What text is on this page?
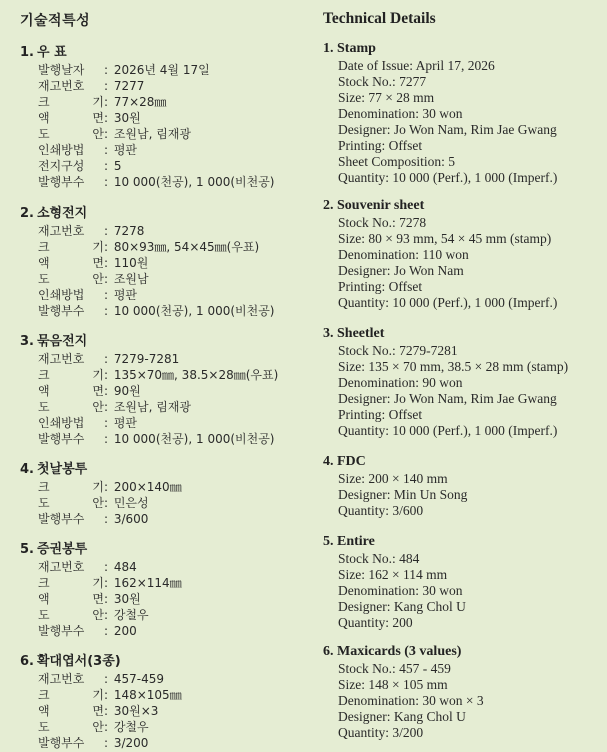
기술적특성
1. 우 표
발행날자 : 2026년 4월 17일
재고번호 : 7277
크 기: 77×28㎜
액 면: 30원
도 안: 조원남, 림재광
인쇄방법 : 평판
전지구성 : 5
발행부수 : 10 000(천공), 1 000(비천공)
2. 소형전지
재고번호 : 7278
크 기: 80×93㎜, 54×45㎜(우표)
액 면: 110원
도 안: 조원남
인쇄방법 : 평판
발행부수 : 10 000(천공), 1 000(비천공)
3. 묶음전지
재고번호 : 7279-7281
크 기: 135×70㎜, 38.5×28㎜(우표)
액 면: 90원
도 안: 조원남, 림재광
인쇄방법 : 평판
발행부수 : 10 000(천공), 1 000(비천공)
4. 첫날봉투
크 기: 200×140㎜
도 안: 민은성
발행부수 : 3/600
5. 증권봉투
재고번호 : 484
크 기: 162×114㎜
액 면: 30원
도 안: 강철우
발행부수 : 200
6. 확대엽서(3종)
재고번호 : 457-459
크 기: 148×105㎜
액 면: 30원×3
도 안: 강철우
발행부수 : 3/200
Technical Details
1. Stamp
Date of Issue: April 17, 2026
Stock No.: 7277
Size: 77 × 28 mm
Denomination: 30 won
Designer: Jo Won Nam, Rim Jae Gwang
Printing: Offset
Sheet Composition: 5
Quantity: 10 000 (Perf.), 1 000 (Imperf.)
2. Souvenir sheet
Stock No.: 7278
Size: 80 × 93 mm, 54 × 45 mm (stamp)
Denomination: 110 won
Designer: Jo Won Nam
Printing: Offset
Quantity: 10 000 (Perf.), 1 000 (Imperf.)
3. Sheetlet
Stock No.: 7279-7281
Size: 135 × 70 mm, 38.5 × 28 mm (stamp)
Denomination: 90 won
Designer: Jo Won Nam, Rim Jae Gwang
Printing: Offset
Quantity: 10 000 (Perf.), 1 000 (Imperf.)
4. FDC
Size: 200 × 140 mm
Designer: Min Un Song
Quantity: 3/600
5. Entire
Stock No.: 484
Size: 162 × 114 mm
Denomination: 30 won
Designer: Kang Chol U
Quantity: 200
6. Maxicards (3 values)
Stock No.: 457 - 459
Size: 148 × 105 mm
Denomination: 30 won × 3
Designer: Kang Chol U
Quantity: 3/200
